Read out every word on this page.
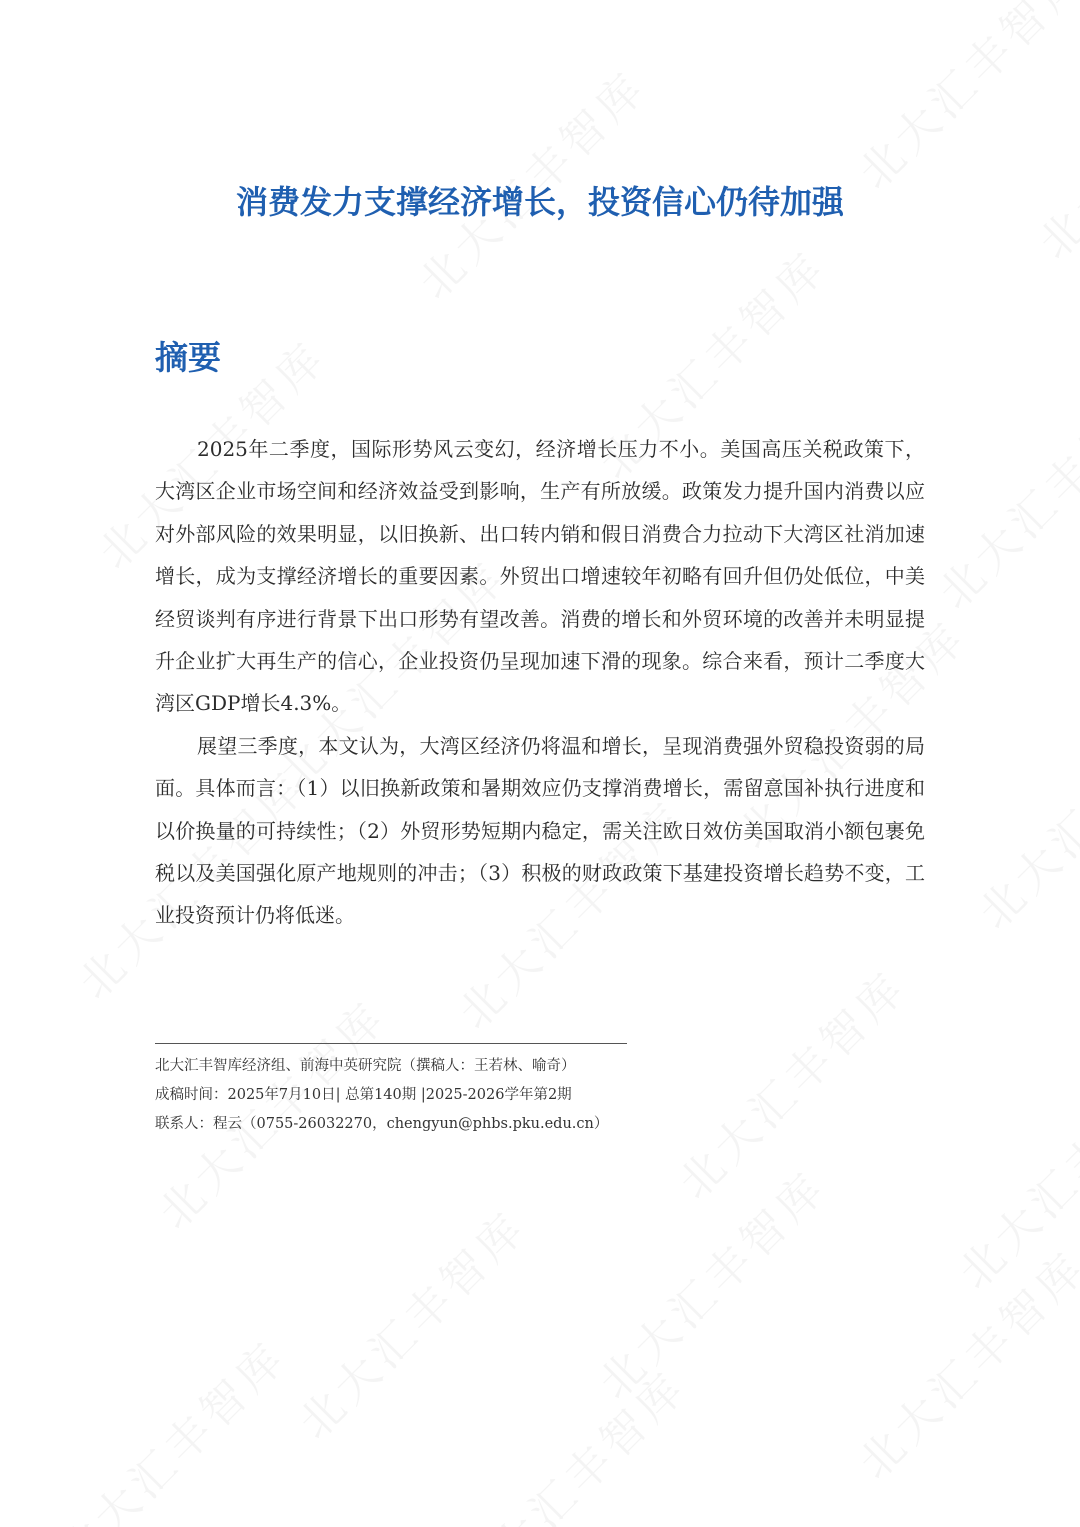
消费发力支撑经济增长，投资信心仍待加强
摘要

2025年二季度，国际形势风云变幻，经济增长压力不小。美国高压关税政策下，大湾区企业市场空间和经济效益受到影响，生产有所放缓。政策发力提升国内消费以应对外部风险的效果明显，以旧换新、出口转内销和假日消费合力拉动下大湾区社消加速增长，成为支撑经济增长的重要因素。外贸出口增速较年初略有回升但仍处低位，中美经贸谈判有序进行背景下出口形势有望改善。消费的增长和外贸环境的改善并未明显提升企业扩大再生产的信心，企业投资仍呈现加速下滑的现象。综合来看，预计二季度大湾区GDP增长4.3%。

展望三季度，本文认为，大湾区经济仍将温和增长，呈现消费强外贸稳投资弱的局面。具体而言：（1）以旧换新政策和暑期效应仍支撑消费增长，需留意国补执行进度和以价换量的可持续性；（2）外贸形势短期内稳定，需关注欧日效仿美国取消小额包裹免税以及美国强化原产地规则的冲击；（3）积极的财政政策下基建投资增长趋势不变，工业投资预计仍将低迷。

北大汇丰智库经济组、前海中英研究院（撰稿人：王若林、喻奇）
成稿时间：2025年7月10日| 总第140期 |2025-2026学年第2期
联系人：程云（0755-26032270，chengyun@phbs.pku.edu.cn）
